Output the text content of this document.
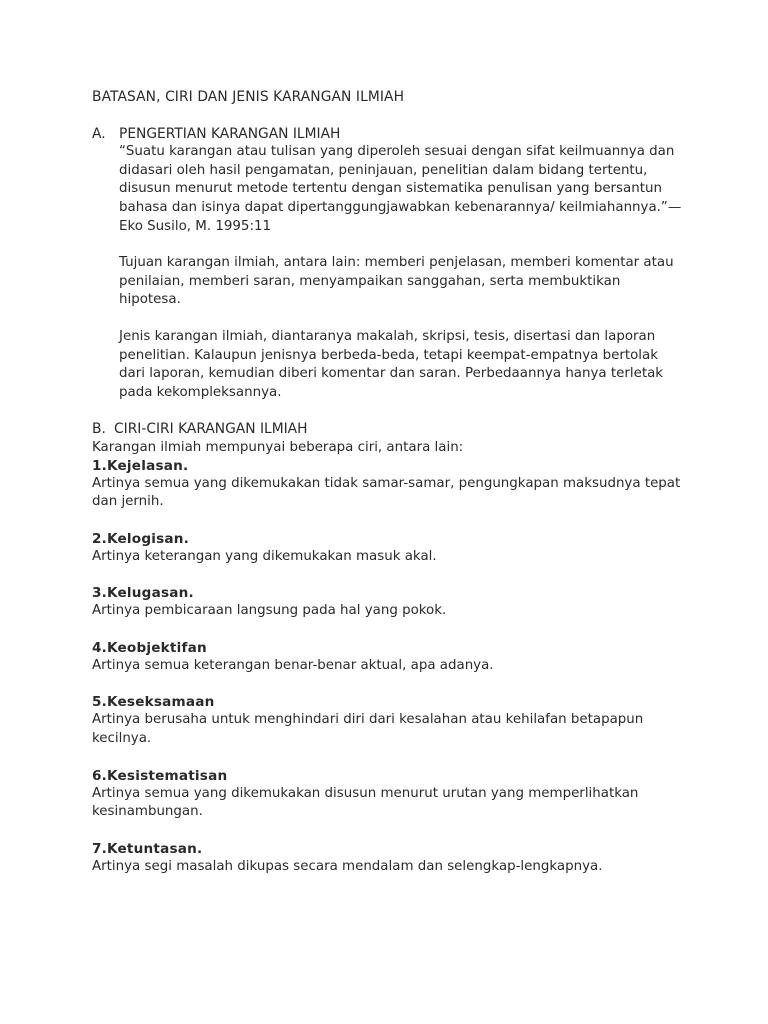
BATASAN, CIRI DAN JENIS KARANGAN ILMIAH
A. PENGERTIAN KARANGAN ILMIAH

“Suatu karangan atau tulisan yang diperoleh sesuai dengan sifat keilmuannya dan didasari oleh hasil pengamatan, peninjauan, penelitian dalam bidang tertentu, disusun menurut metode tertentu dengan sistematika penulisan yang bersantun bahasa dan isinya dapat dipertanggungjawabkan kebenarannya/ keilmiahannya.”—Eko Susilo, M. 1995:11

Tujuan karangan ilmiah, antara lain: memberi penjelasan, memberi komentar atau penilaian, memberi saran, menyampaikan sanggahan, serta membuktikan hipotesa.

Jenis karangan ilmiah, diantaranya makalah, skripsi, tesis, disertasi dan laporan penelitian. Kalaupun jenisnya berbeda-beda, tetapi keempat-empatnya bertolak dari laporan, kemudian diberi komentar dan saran. Perbedaannya hanya terletak pada kekompleksannya.

B. CIRI-CIRI KARANGAN ILMIAH

Karangan ilmiah mempunyai beberapa ciri, antara lain:

1.Kejelasan.
Artinya semua yang dikemukakan tidak samar-samar, pengungkapan maksudnya tepat dan jernih.
2.Kelogisan.
Artinya keterangan yang dikemukakan masuk akal.
3.Kelugasan.
Artinya pembicaraan langsung pada hal yang pokok.
4.Keobjektifan
Artinya semua keterangan benar-benar aktual, apa adanya.
5.Keseksamaan
Artinya berusaha untuk menghindari diri dari kesalahan atau kehilafan betapapun kecilnya.
6.Kesistematisan
Artinya semua yang dikemukakan disusun menurut urutan yang memperlihatkan kesinambungan.
7.Ketuntasan.
Artinya segi masalah dikupas secara mendalam dan selengkap-lengkapnya.
